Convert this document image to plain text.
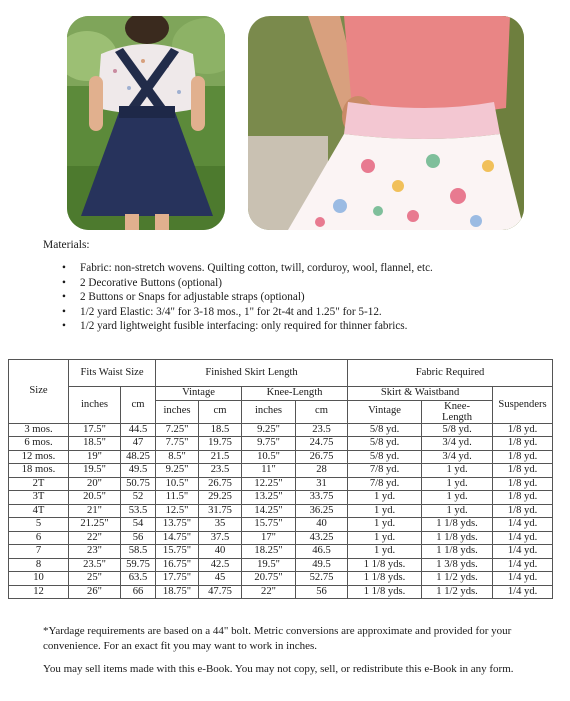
Materials:
• Fabric: non-stretch wovens. Quilting cotton, twill, corduroy, wool, flannel, etc.
• 2 Decorative Buttons (optional)
• 2 Buttons or Snaps for adjustable straps (optional)
• 1/2 yard Elastic: 3/4" for 3-18 mos., 1" for 2t-4t and 1.25" for 5-12.
• 1/2 yard lightweight fusible interfacing: only required for thinner fabrics.
Size	Fits Waist Size		Finished Skirt Length				Fabric Required		
	inches	cm	Vintage		Knee-Length		Skirt & Waistband		Suspenders
			inches	cm	inches	cm	Vintage	Knee-
Length	
3 mos.	17.5"	44.5	7.25"	18.5	9.25"	23.5	5/8 yd.	5/8 yd.	1/8 yd.
6 mos.	18.5"	47	7.75"	19.75	9.75"	24.75	5/8 yd.	3/4 yd.	1/8 yd.
12 mos.	19"	48.25	8.5"	21.5	10.5"	26.75	5/8 yd.	3/4 yd.	1/8 yd.
18 mos.	19.5"	49.5	9.25"	23.5	11"	28	7/8 yd.	1 yd.	1/8 yd.
2T	20"	50.75	10.5"	26.75	12.25"	31	7/8 yd.	1 yd.	1/8 yd.
3T	20.5"	52	11.5"	29.25	13.25"	33.75	1 yd.	1 yd.	1/8 yd.
4T	21"	53.5	12.5"	31.75	14.25"	36.25	1 yd.	1 yd.	1/8 yd.
5	21.25"	54	13.75"	35	15.75"	40	1 yd.	1 1/8 yds.	1/4 yd.
6	22"	56	14.75"	37.5	17"	43.25	1 yd.	1 1/8 yds.	1/4 yd.
7	23"	58.5	15.75"	40	18.25"	46.5	1 yd.	1 1/8 yds.	1/4 yd.
8	23.5"	59.75	16.75"	42.5	19.5"	49.5	1 1/8 yds.	1 3/8 yds.	1/4 yd.
10	25"	63.5	17.75"	45	20.75"	52.75	1 1/8 yds.	1 1/2 yds.	1/4 yd.
12	26"	66	18.75"	47.75	22"	56	1 1/8 yds.	1 1/2 yds.	1/4 yd.
*Yardage requirements are based on a 44" bolt. Metric conversions are approximate and provided for your convenience. For an exact fit you may want to work in inches.
You may sell items made with this e-Book. You may not copy, sell, or redistribute this e-Book in any form.
